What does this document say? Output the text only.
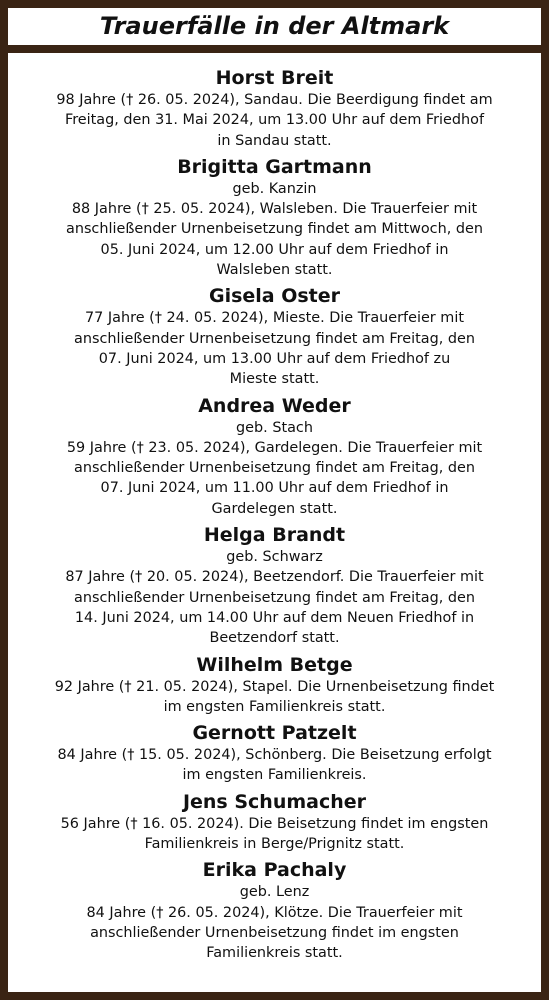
Trauerfälle in der Altmark
Horst Breit
98 Jahre († 26. 05. 2024), Sandau. Die Beerdigung findet am
Freitag, den 31. Mai 2024, um 13.00 Uhr auf dem Friedhof
in Sandau statt.
Brigitta Gartmann
geb. Kanzin
88 Jahre († 25. 05. 2024), Walsleben. Die Trauerfeier mit
anschließender Urnenbeisetzung findet am Mittwoch, den
05. Juni 2024, um 12.00 Uhr auf dem Friedhof in
Walsleben statt.
Gisela Oster
77 Jahre († 24. 05. 2024), Mieste. Die Trauerfeier mit
anschließender Urnenbeisetzung findet am Freitag, den
07. Juni 2024, um 13.00 Uhr auf dem Friedhof zu
Mieste statt.
Andrea Weder
geb. Stach
59 Jahre († 23. 05. 2024), Gardelegen. Die Trauerfeier mit
anschließender Urnenbeisetzung findet am Freitag, den
07. Juni 2024, um 11.00 Uhr auf dem Friedhof in
Gardelegen statt.
Helga Brandt
geb. Schwarz
87 Jahre († 20. 05. 2024), Beetzendorf. Die Trauerfeier mit
anschließender Urnenbeisetzung findet am Freitag, den
14. Juni 2024, um 14.00 Uhr auf dem Neuen Friedhof in
Beetzendorf statt.
Wilhelm Betge
92 Jahre († 21. 05. 2024), Stapel. Die Urnenbeisetzung findet
im engsten Familienkreis statt.
Gernott Patzelt
84 Jahre († 15. 05. 2024), Schönberg. Die Beisetzung erfolgt
im engsten Familienkreis.
Jens Schumacher
56 Jahre († 16. 05. 2024). Die Beisetzung findet im engsten
Familienkreis in Berge/Prignitz statt.
Erika Pachaly
geb. Lenz
84 Jahre († 26. 05. 2024), Klötze. Die Trauerfeier mit
anschließender Urnenbeisetzung findet im engsten
Familienkreis statt.
